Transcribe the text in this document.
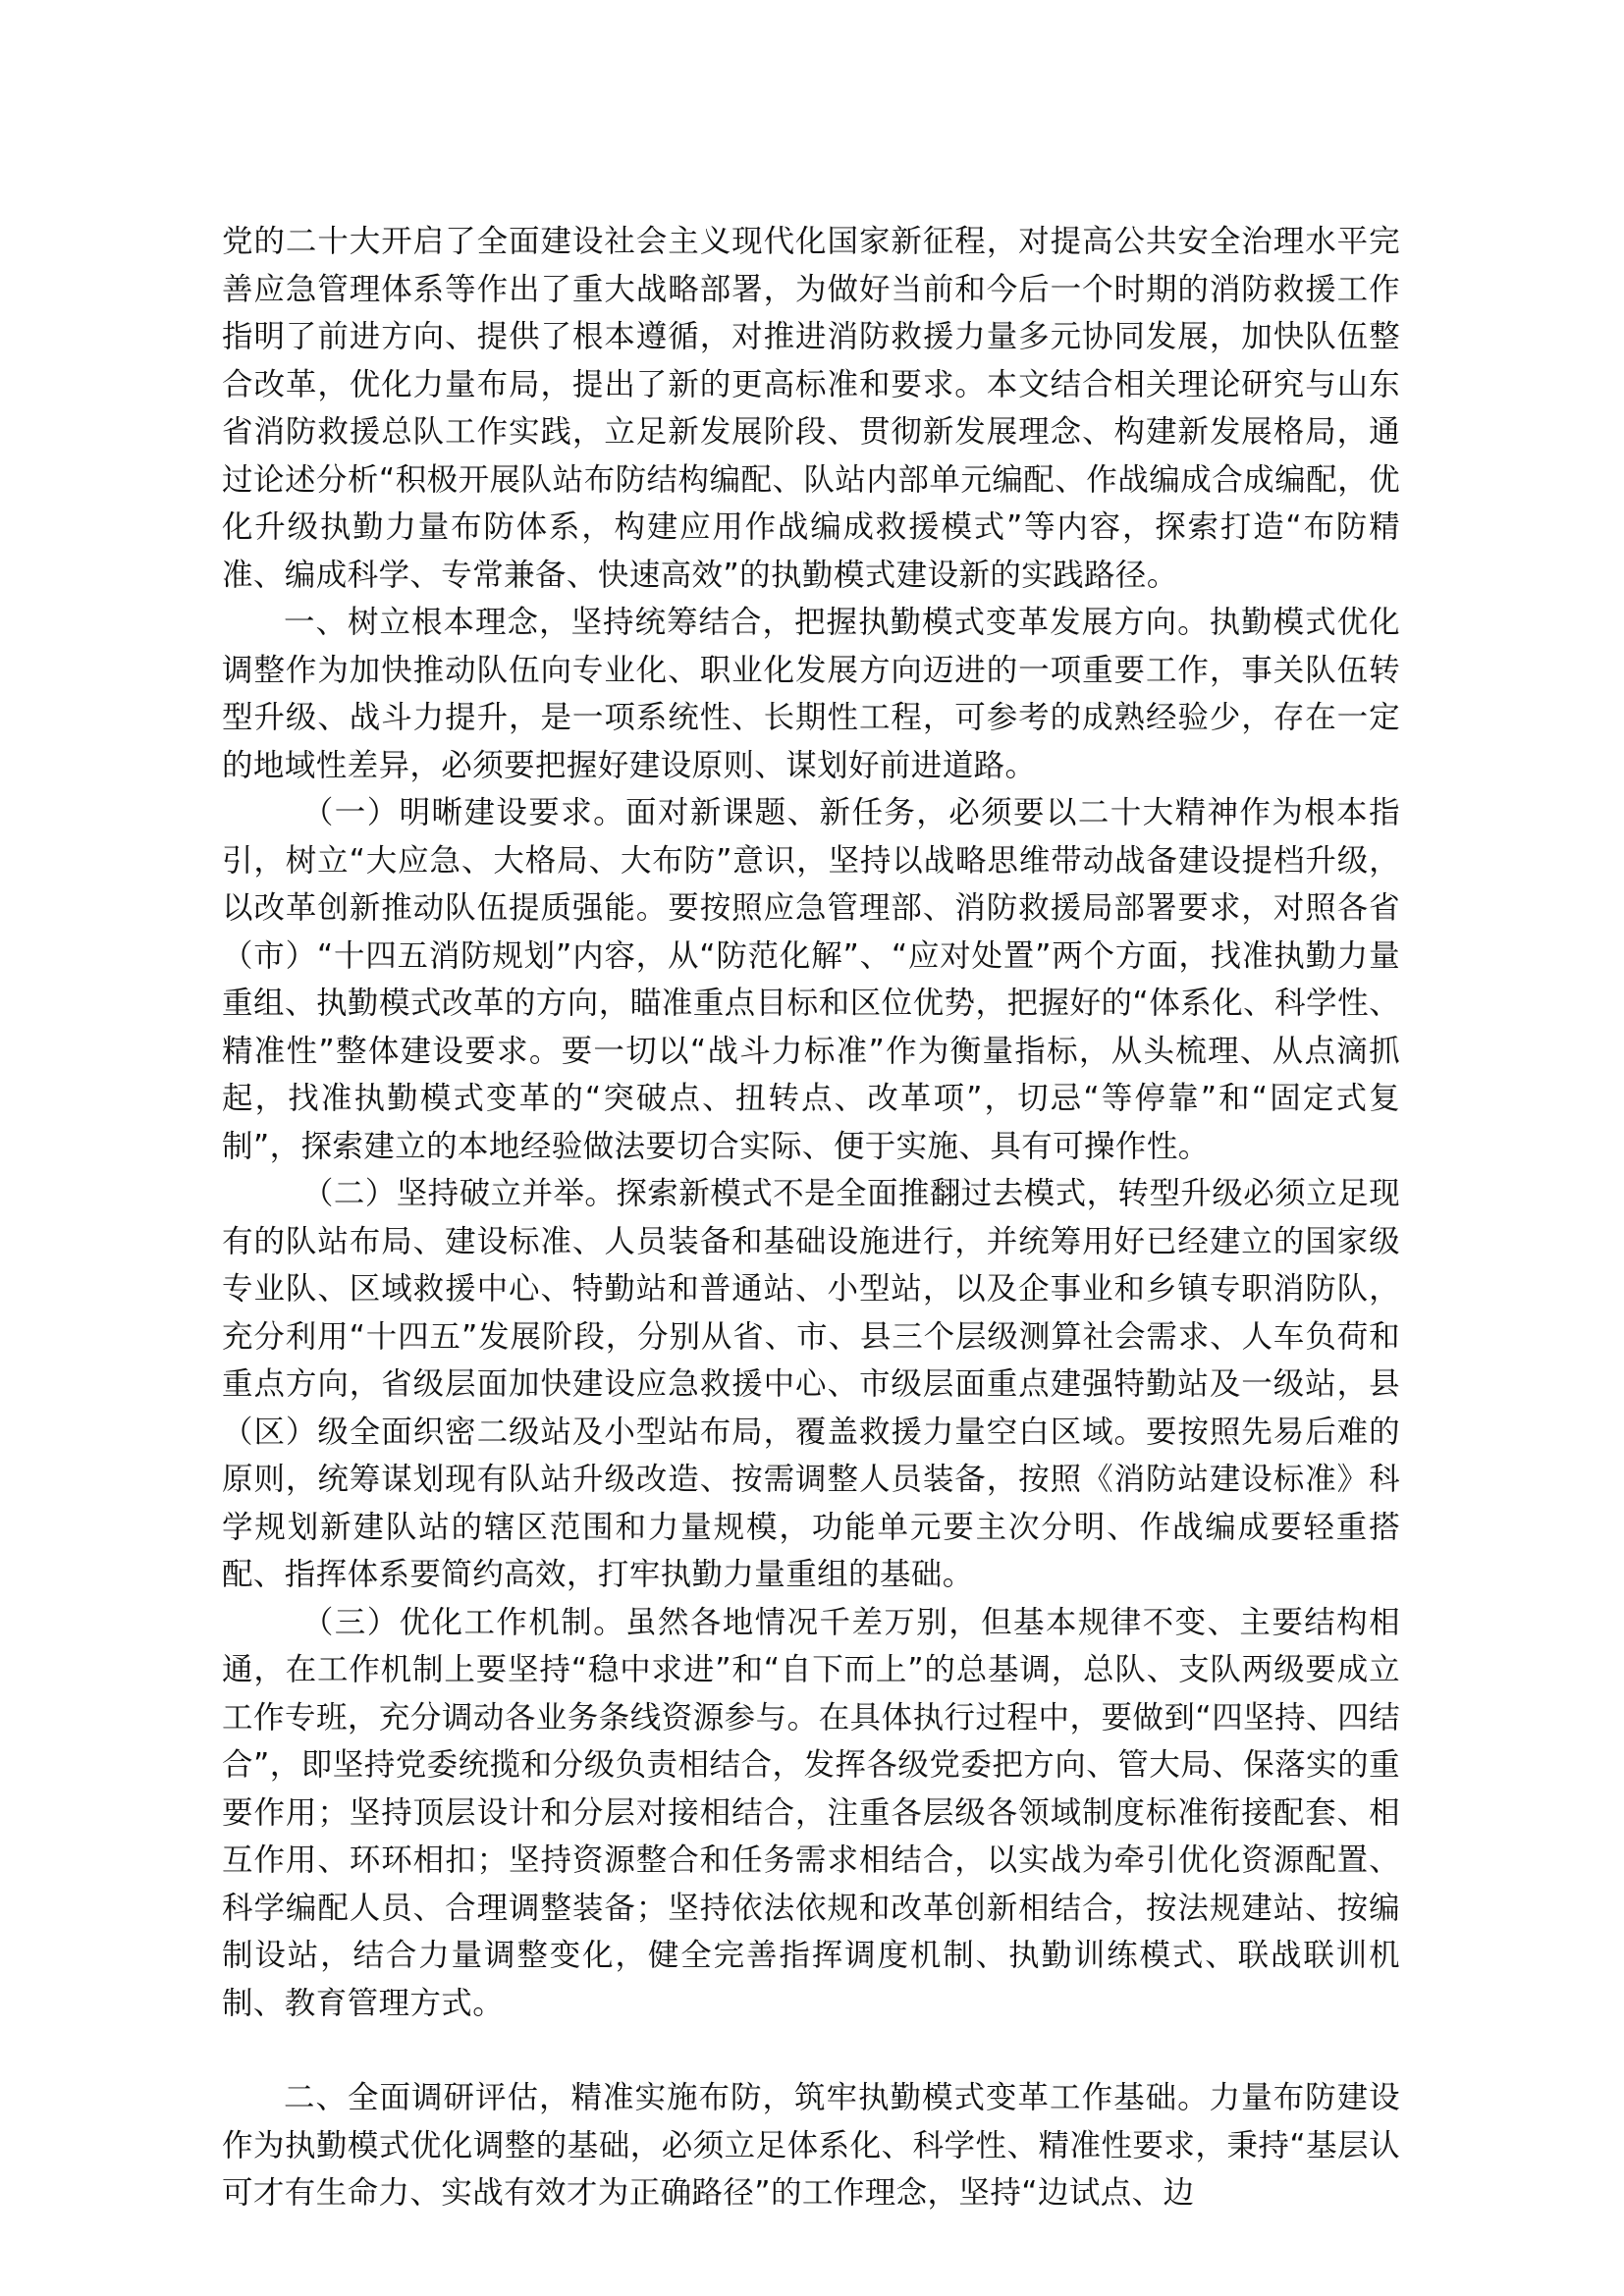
党的二十大开启了全面建设社会主义现代化国家新征程，对提高公共安全治理水平完善应急管理体系等作出了重大战略部署，为做好当前和今后一个时期的消防救援工作指明了前进方向、提供了根本遵循，对推进消防救援力量多元协同发展，加快队伍整合改革，优化力量布局，提出了新的更高标准和要求。本文结合相关理论研究与山东省消防救援总队工作实践，立足新发展阶段、贯彻新发展理念、构建新发展格局，通过论述分析“积极开展队站布防结构编配、队站内部单元编配、作战编成合成编配，优化升级执勤力量布防体系，构建应用作战编成救援模式”等内容，探索打造“布防精准、编成科学、专常兼备、快速高效”的执勤模式建设新的实践路径。

一、树立根本理念，坚持统筹结合，把握执勤模式变革发展方向。执勤模式优化调整作为加快推动队伍向专业化、职业化发展方向迈进的一项重要工作，事关队伍转型升级、战斗力提升，是一项系统性、长期性工程，可参考的成熟经验少，存在一定的地域性差异，必须要把握好建设原则、谋划好前进道路。

（一）明晰建设要求。面对新课题、新任务，必须要以二十大精神作为根本指引，树立“大应急、大格局、大布防”意识，坚持以战略思维带动战备建设提档升级，以改革创新推动队伍提质强能。要按照应急管理部、消防救援局部署要求，对照各省（市）“十四五消防规划”内容，从“防范化解”、“应对处置”两个方面，找准执勤力量重组、执勤模式改革的方向，瞄准重点目标和区位优势，把握好的“体系化、科学性、精准性”整体建设要求。要一切以“战斗力标准”作为衡量指标，从头梳理、从点滴抓起，找准执勤模式变革的“突破点、扭转点、改革项”，切忌“等停靠”和“固定式复制”，探索建立的本地经验做法要切合实际、便于实施、具有可操作性。

（二）坚持破立并举。探索新模式不是全面推翻过去模式，转型升级必须立足现有的队站布局、建设标准、人员装备和基础设施进行，并统筹用好已经建立的国家级专业队、区域救援中心、特勤站和普通站、小型站，以及企事业和乡镇专职消防队，充分利用“十四五”发展阶段，分别从省、市、县三个层级测算社会需求、人车负荷和重点方向，省级层面加快建设应急救援中心、市级层面重点建强特勤站及一级站，县（区）级全面织密二级站及小型站布局，覆盖救援力量空白区域。要按照先易后难的原则，统筹谋划现有队站升级改造、按需调整人员装备，按照《消防站建设标准》科学规划新建队站的辖区范围和力量规模，功能单元要主次分明、作战编成要轻重搭配、指挥体系要简约高效，打牢执勤力量重组的基础。

（三）优化工作机制。虽然各地情况千差万别，但基本规律不变、主要结构相通，在工作机制上要坚持“稳中求进”和“自下而上”的总基调，总队、支队两级要成立工作专班，充分调动各业务条线资源参与。在具体执行过程中，要做到“四坚持、四结合”，即坚持党委统揽和分级负责相结合，发挥各级党委把方向、管大局、保落实的重要作用；坚持顶层设计和分层对接相结合，注重各层级各领域制度标准衔接配套、相互作用、环环相扣；坚持资源整合和任务需求相结合，以实战为牵引优化资源配置、科学编配人员、合理调整装备；坚持依法依规和改革创新相结合，按法规建站、按编制设站，结合力量调整变化，健全完善指挥调度机制、执勤训练模式、联战联训机制、教育管理方式。

二、全面调研评估，精准实施布防，筑牢执勤模式变革工作基础。力量布防建设作为执勤模式优化调整的基础，必须立足体系化、科学性、精准性要求，秉持“基层认可才有生命力、实战有效才为正确路径”的工作理念，坚持“边试点、边
